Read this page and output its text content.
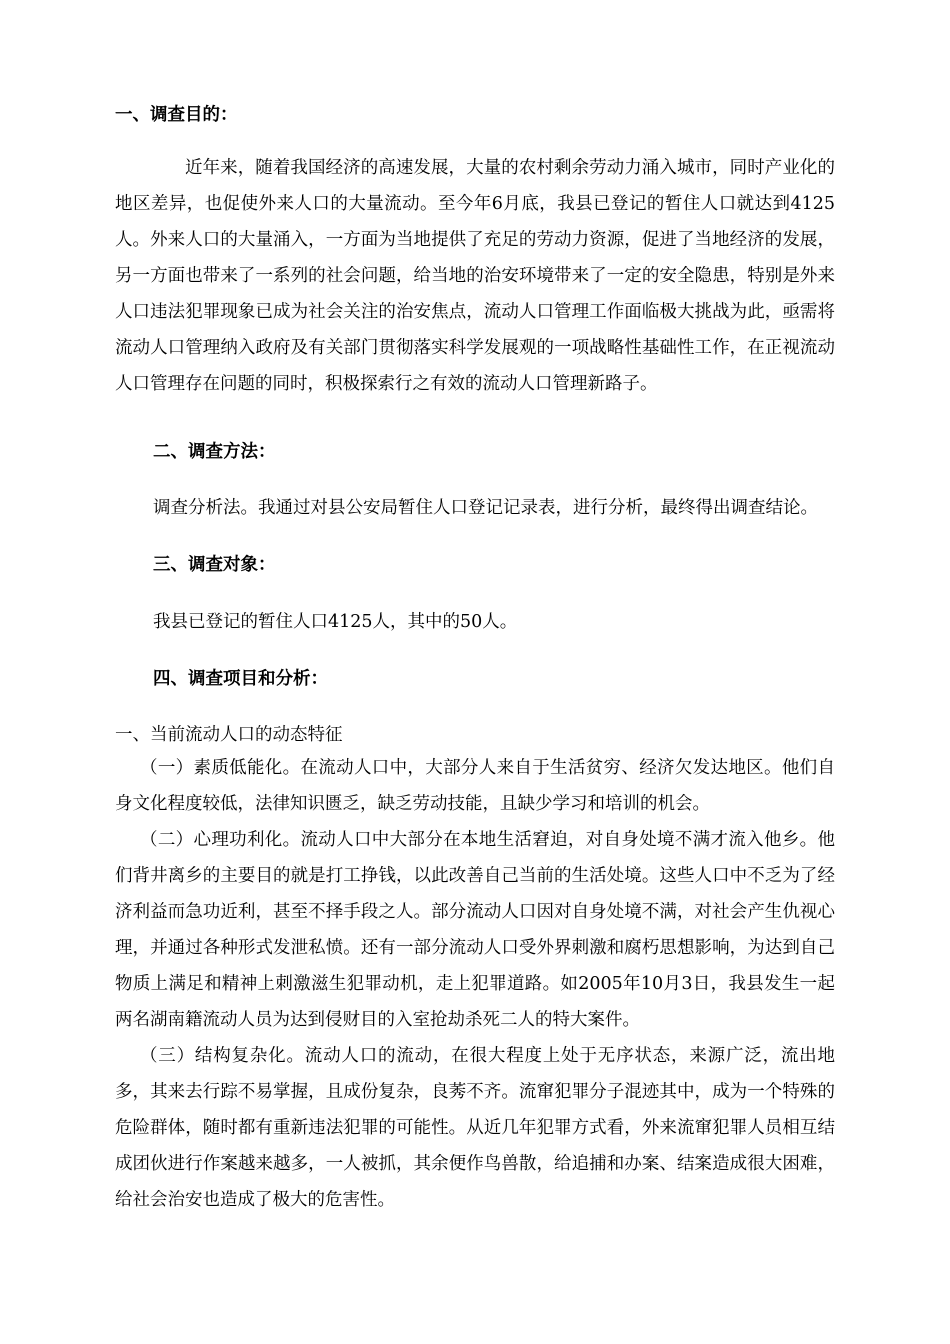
一、调查目的：

近年来，随着我国经济的高速发展，大量的农村剩余劳动力涌入城市，同时产业化的地区差异，也促使外来人口的大量流动。至今年6月底，我县已登记的暂住人口就达到4125人。外来人口的大量涌入，一方面为当地提供了充足的劳动力资源，促进了当地经济的发展，另一方面也带来了一系列的社会问题，给当地的治安环境带来了一定的安全隐患，特别是外来人口违法犯罪现象已成为社会关注的治安焦点，流动人口管理工作面临极大挑战为此，亟需将流动人口管理纳入政府及有关部门贯彻落实科学发展观的一项战略性基础性工作，在正视流动人口管理存在问题的同时，积极探索行之有效的流动人口管理新路子。

二、调查方法：
调查分析法。我通过对县公安局暂住人口登记记录表，进行分析，最终得出调查结论。
三、调查对象：
我县已登记的暂住人口4125人，其中的50人。
四、调查项目和分析：
一、当前流动人口的动态特征

（一）素质低能化。在流动人口中，大部分人来自于生活贫穷、经济欠发达地区。他们自身文化程度较低，法律知识匮乏，缺乏劳动技能，且缺少学习和培训的机会。

（二）心理功利化。流动人口中大部分在本地生活窘迫，对自身处境不满才流入他乡。他们背井离乡的主要目的就是打工挣钱，以此改善自己当前的生活处境。这些人口中不乏为了经济利益而急功近利，甚至不择手段之人。部分流动人口因对自身处境不满，对社会产生仇视心理，并通过各种形式发泄私愤。还有一部分流动人口受外界刺激和腐朽思想影响，为达到自己物质上满足和精神上刺激滋生犯罪动机，走上犯罪道路。如2005年10月3日，我县发生一起两名湖南籍流动人员为达到侵财目的入室抢劫杀死二人的特大案件。

（三）结构复杂化。流动人口的流动，在很大程度上处于无序状态，来源广泛，流出地多，其来去行踪不易掌握，且成份复杂，良莠不齐。流窜犯罪分子混迹其中，成为一个特殊的危险群体，随时都有重新违法犯罪的可能性。从近几年犯罪方式看，外来流窜犯罪人员相互结成团伙进行作案越来越多，一人被抓，其余便作鸟兽散，给追捕和办案、结案造成很大困难，给社会治安也造成了极大的危害性。
